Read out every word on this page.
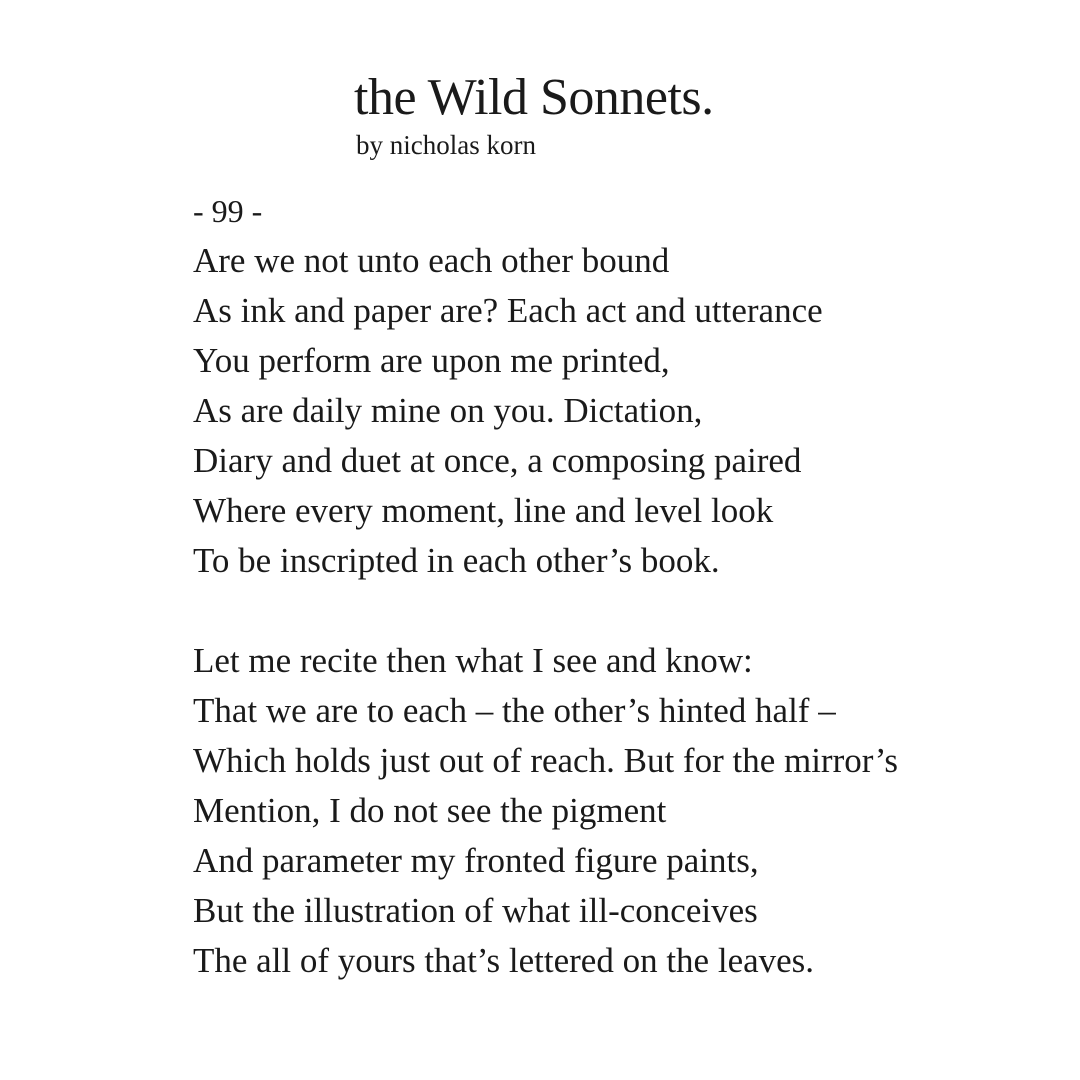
the Wild Sonnets.
by nicholas korn
- 99 -
Are we not unto each other bound
As ink and paper are? Each act and utterance
You perform are upon me printed,
As are daily mine on you. Dictation,
Diary and duet at once, a composing paired
Where every moment, line and level look
To be inscripted in each other’s book.
Let me recite then what I see and know:
That we are to each – the other’s hinted half –
Which holds just out of reach. But for the mirror’s
Mention, I do not see the pigment
And parameter my fronted figure paints,
But the illustration of what ill-conceives
The all of yours that’s lettered on the leaves.
